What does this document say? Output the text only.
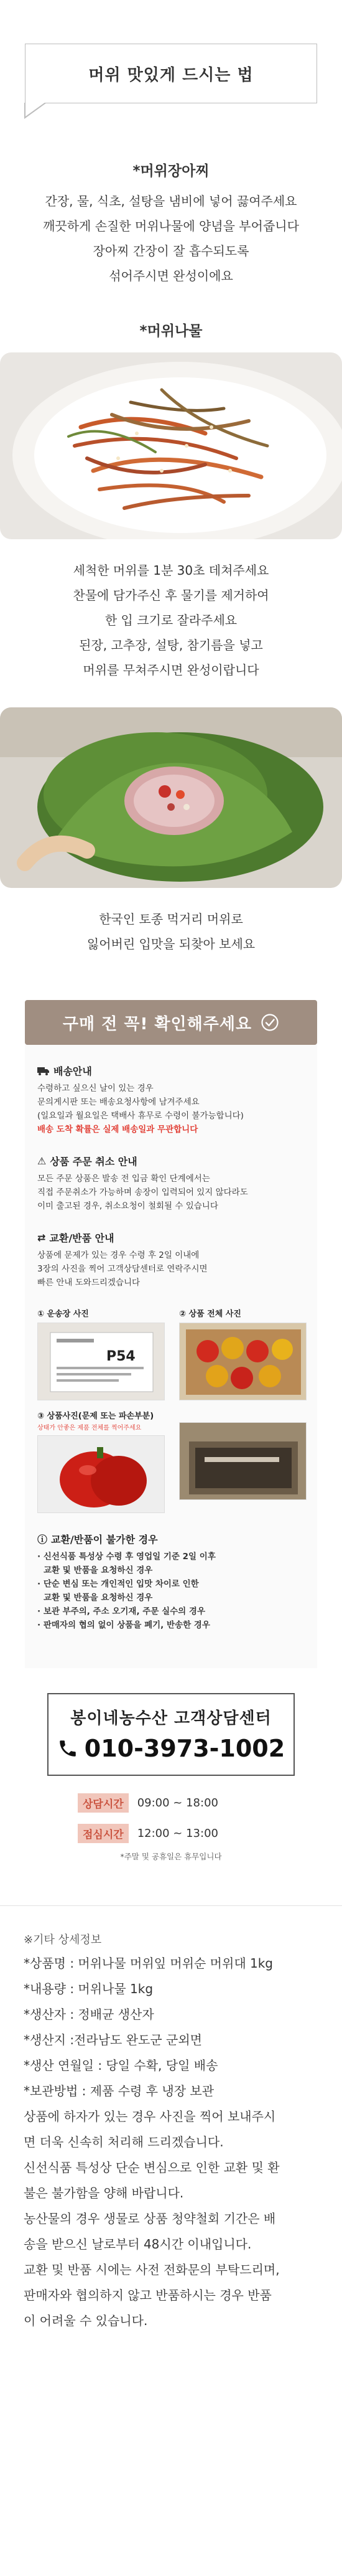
머위 맛있게 드시는 법
*머위장아찌
간장, 물, 식초, 설탕을 냄비에 넣어 끓여주세요
깨끗하게 손질한 머위나물에 양념을 부어줍니다
장아찌 간장이 잘 흡수되도록
섞어주시면 완성이에요
*머위나물
세척한 머위를 1분 30초 데쳐주세요
찬물에 담가주신 후 물기를 제거하여
한 입 크기로 잘라주세요
된장, 고추장, 설탕, 참기름을 넣고
머위를 무쳐주시면 완성이랍니다
한국인 토종 먹거리 머위로
잃어버린 입맛을 되찾아 보세요
구매 전 꼭! 확인해주세요
배송안내
수령하고 싶으신 날이 있는 경우
문의게시판 또는 배송요청사항에 남겨주세요
(일요일과 월요일은 택배사 휴무로 수령이 불가능합니다)
배송 도착 확률은 실제 배송일과 무관합니다
⚠ 상품 주문 취소 안내
모든 주문 상품은 발송 전 입금 확인 단계에서는
직접 주문취소가 가능하며 송장이 입력되어 있지 않다라도
이미 출고된 경우, 취소요청이 철회될 수 있습니다
⇄ 교환/반품 안내
상품에 문제가 있는 경우 수령 후 2일 이내에
3장의 사진을 찍어 고객상담센터로 연락주시면
빠른 안내 도와드리겠습니다
① 운송장 사진
P54
② 상품 전체 사진
③ 상품사진(문제 또는 파손부분)
상태가 안좋은 제품 전체를 찍어주세요
ⓘ 교환/반품이 불가한 경우
· 신선식품 특성상 수령 후 영업일 기준 2일 이후
교환 및 반품을 요청하신 경우
· 단순 변심 또는 개인적인 입맛 차이로 인한
교환 및 반품을 요청하신 경우
· 보관 부주의, 주소 오기재, 주문 실수의 경우
· 판매자의 협의 없이 상품을 폐기, 반송한 경우
봉이네농수산 고객상담센터
010-3973-1002
상담시간	09:00 ~ 18:00
점심시간	12:00 ~ 13:00
*주말 및 공휴일은 휴무입니다
※기타 상세정보
*상품명 : 머위나물 머위잎 머위순 머위대 1kg
*내용량 : 머위나물 1kg
*생산자 : 정배균 생산자
*생산지 :전라남도 완도군 군외면
*생산 연월일 : 당일 수확, 당일 배송
*보관방법 : 제품 수령 후 냉장 보관
상품에 하자가 있는 경우 사진을 찍어 보내주시
면 더욱 신속히 처리해 드리겠습니다.
신선식품 특성상 단순 변심으로 인한 교환 및 환
불은 불가함을 양해 바랍니다.
농산물의 경우 생물로 상품 청약철회 기간은 배
송을 받으신 날로부터 48시간 이내입니다.
교환 및 반품 시에는 사전 전화문의 부탁드리며,
판매자와 협의하지 않고 반품하시는 경우 반품
이 어려울 수 있습니다.
